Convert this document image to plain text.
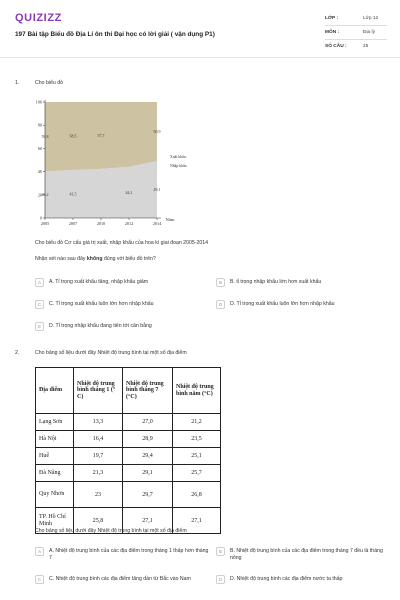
QUIZIZZ
197 Bài tập Biểu đồ Địa Lí ôn thi Đại học có lời giải ( vận dụng P1)
LỚP :	Lớp 12
MÔN :	Địa lý
SỐ CÂU :	25
1.	Cho biểu đồ
0
20
40
60
80
100
2005	2007	2010	2012	2014
Năm
40,2	41,5	44,1
49,1
59,8	58,5	57,7
50,9
Xuất khẩu
Nhập khẩu
Cho biểu đồ Cơ cấu giá trị xuất, nhập khẩu của hoa kì giai đoạn 2005-2014
Nhận xét nào sau đây không đúng với biểu đồ trên?
A	A. Tỉ trọng xuất khẩu tăng, nhập khẩu giảm	B	B. tỉ trọng nhập khẩu lớn hơn xuất khẩu
C	C. Tỉ trọng xuất khẩu luôn lớn hơn nhập khẩu	D	D. Tỉ trọng xuất khẩu luôn lớn hơn nhập khẩu
E	D. Tỉ trọng nhập khẩu đang tiến tới cân bằng
2.	Cho bảng số liệu dưới đây Nhiệt độ trung bình tại một số địa điểm
Địa điểm	Nhiệt độ trung bình tháng 1 (° C)	Nhiệt độ trung bình tháng 7 (°C)	Nhiệt độ trung bình năm (°C)
Lạng Sơn	13,3	27,0	21,2
Hà Nội	16,4	28,9	23,5
Huế	19,7	29,4	25,1
Đà Nẵng	21,3	29,1	25,7
Quy Nhơn	23	29,7	26,8
TP. Hồ Chí Minh	25,8	27,1	27,1
Cho bảng số liệu dưới đây Nhiệt độ trung bình tại một số địa điểm
A	A. Nhiệt độ trung bình của các địa điểm trong tháng 1 thấp hơn tháng 7
B	B. Nhiệt độ trung bình của các địa điểm trong tháng 7 đều là tháng nóng
C	C. Nhiệt độ trung bình các địa điểm tăng dần từ Bắc vào Nam	D	D. Nhiệt độ trung bình các địa điểm nước ta thấp
